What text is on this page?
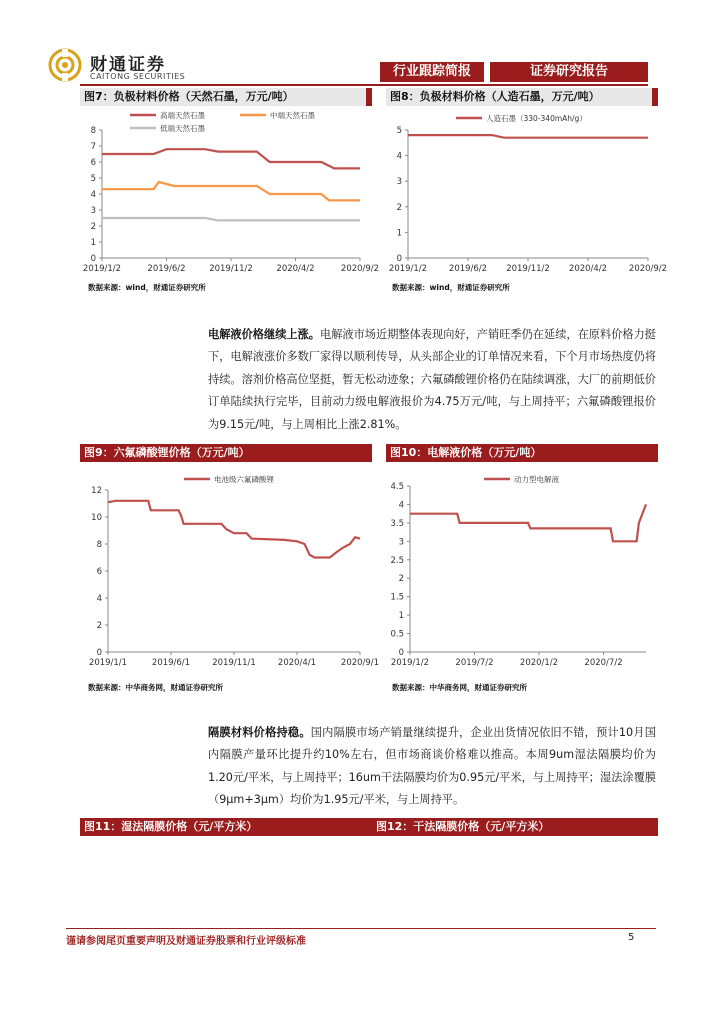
财通证券
CAITONG SECURITIES	行业跟踪简报	证券研究报告
图7：负极材料价格（天然石墨，万元/吨）
0
1
2
3
4
5
6
7
8
2019/1/2	2019/6/2	2019/11/2	2020/4/2	2020/9/2
高端天然石墨	中端天然石墨
低端天然石墨
数据来源：wind，财通证券研究所
图8：负极材料价格（人造石墨，万元/吨）
0
1
2
3
4
5
2019/1/2	2019/6/2 2019/11/2 2020/4/2	2020/9/2
人造石墨（330-340mAh/g）
数据来源：wind，财通证券研究所
电解液价格继续上涨。电解液市场近期整体表现向好，产销旺季仍在延续，在原料价格力挺下，电解液涨价多数厂家得以顺利传导，从头部企业的订单情况来看，下个月市场热度仍将持续。溶剂价格高位坚挺，暂无松动迹象；六氟磷酸锂价格仍在陆续调涨，大厂的前期低价订单陆续执行完毕，目前动力级电解液报价为4.75万元/吨，与上周持平；六氟磷酸锂报价为9.15元/吨，与上周相比上涨2.81%。
图9：六氟磷酸锂价格（万元/吨）
0
2
4
6
8
10
12
2019/1/1	2019/6/1	2019/11/1	2020/4/1	2020/9/1
电池级六氟磷酸锂
数据来源：中华商务网，财通证券研究所
图10：电解液价格（万元/吨）
0
0.5
1
1.5
2
2.5
3
3.5
4
4.5
2019/1/2	2019/7/2	2020/1/2	2020/7/2
动力型电解液
数据来源：中华商务网，财通证券研究所
隔膜材料价格持稳。国内隔膜市场产销量继续提升，企业出货情况依旧不错，预计10月国内隔膜产量环比提升约10%左右，但市场商谈价格难以推高。本周9um湿法隔膜均价为1.20元/平米，与上周持平；16um干法隔膜均价为0.95元/平米，与上周持平；湿法涂覆膜（9μm+3μm）均价为1.95元/平米，与上周持平。
图11：湿法隔膜价格（元/平方米）	图12：干法隔膜价格（元/平方米）
谨请参阅尾页重要声明及财通证券股票和行业评级标准	5
